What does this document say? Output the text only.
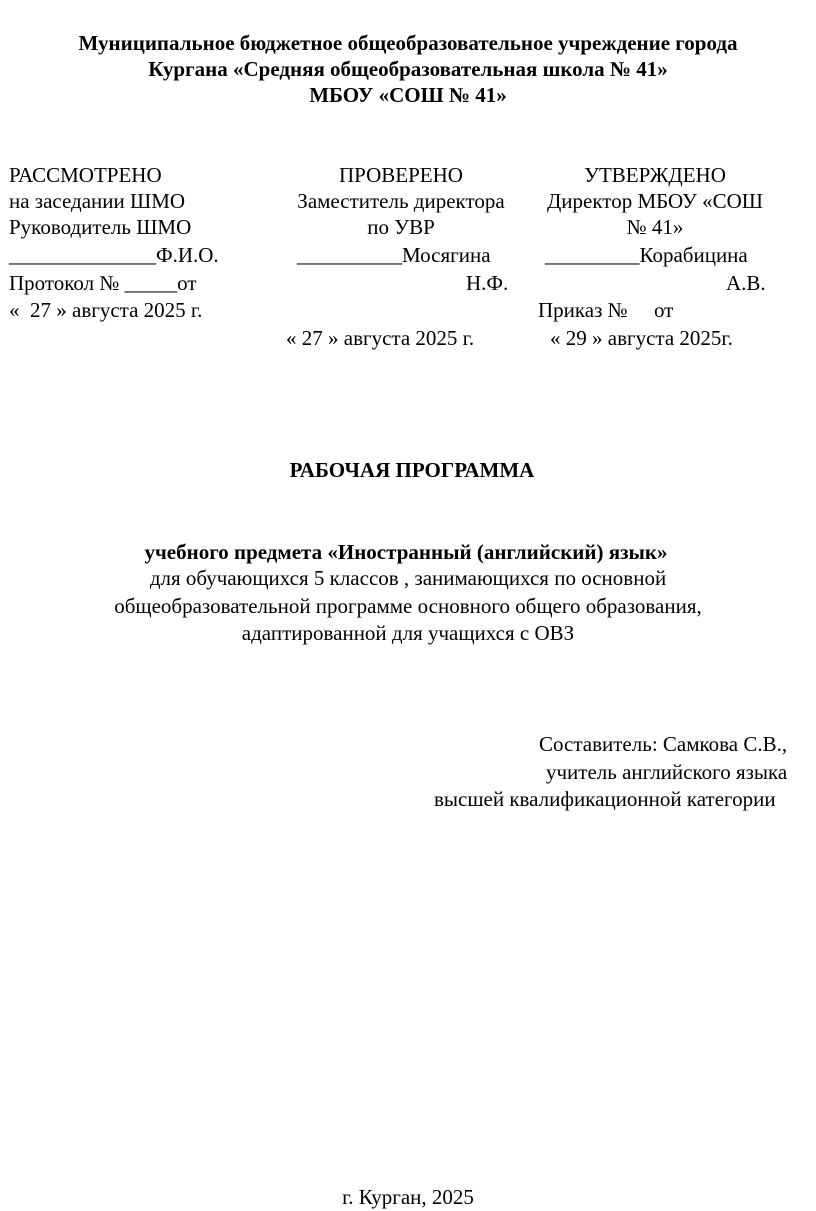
Муниципальное бюджетное общеобразовательное учреждение города
Кургана «Средняя общеобразовательная школа № 41»
МБОУ «СОШ № 41»
РАССМОТРЕНО
на заседании ШМО
Руководитель ШМО
______________Ф.И.О.
Протокол № _____от
«  27 » августа 2025 г.
ПРОВЕРЕНО
Заместитель директора
по УВР
__________Мосягина
Н.Ф.
« 27 » августа 2025 г.
УТВЕРЖДЕНО
Директор МБОУ «СОШ
№ 41»
_________Корабицина
А.В.
Приказ №     от
« 29 » августа 2025г.
РАБОЧАЯ ПРОГРАММА
учебного предмета «Иностранный (английский) язык»
для обучающихся 5 классов , занимающихся по основной
общеобразовательной программе основного общего образования,
адаптированной для учащихся с ОВЗ
Составитель: Самкова С.В.,
учитель английского языка
высшей квалификационной категории
г. Курган, 2025
